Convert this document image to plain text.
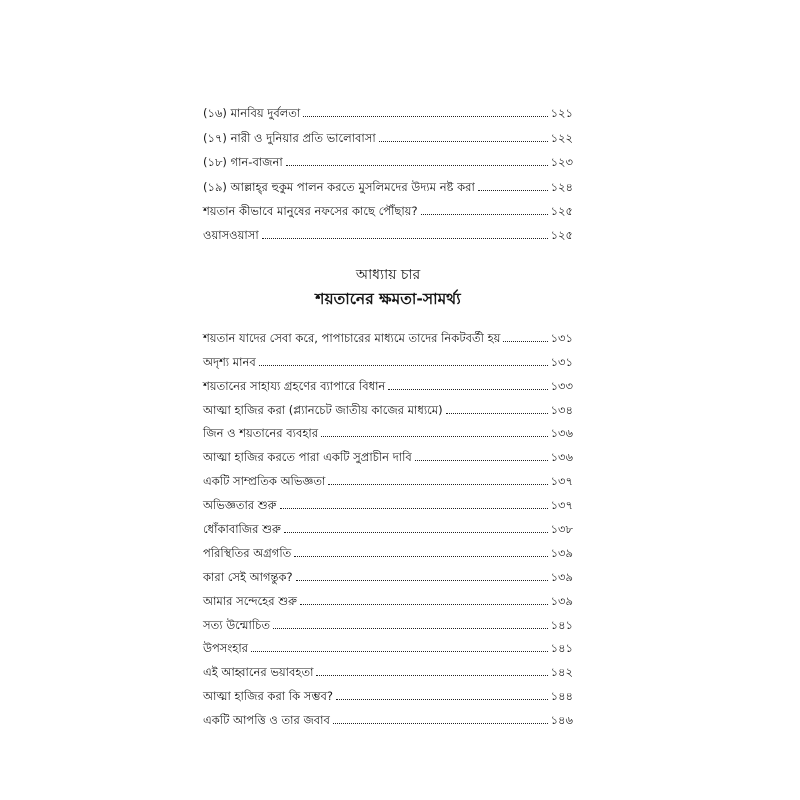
(১৬) মানবিয় দুর্বলতা	১২১
(১৭) নারী ও দুনিয়ার প্রতি ভালোবাসা	১২২
(১৮) গান-বাজনা	১২৩
(১৯) আল্লাহ্‌র হুকুম পালন করতে মুসলিমদের উদ্যম নষ্ট করা	১২৪
শয়তান কীভাবে মানুষের নফসের কাছে পৌঁছায়?	১২৫
ওয়াসওয়াসা	১২৫
আধ্যায় চার
শয়তানের ক্ষমতা-সামর্থ্য
শয়তান যাদের সেবা করে, পাপাচারের মাধ্যমে তাদের নিকটবর্তী হয়	১৩১
অদৃশ্য মানব	১৩১
শয়তানের সাহায্য গ্রহণের ব্যাপারে বিধান	১৩৩
আত্মা হাজির করা (প্ল্যানচেট জাতীয় কাজের মাধ্যমে)	১৩৪
জিন ও শয়তানের ব্যবহার	১৩৬
আত্মা হাজির করতে পারা একটি সুপ্রাচীন দাবি	১৩৬
একটি সাম্প্রতিক অভিজ্ঞতা	১৩৭
অভিজ্ঞতার শুরু	১৩৭
ধোঁকাবাজির শুরু	১৩৮
পরিস্থিতির অগ্রগতি	১৩৯
কারা সেই আগন্তুক?	১৩৯
আমার সন্দেহের শুরু	১৩৯
সত্য উন্মোচিত	১৪১
উপসংহার	১৪১
এই আহ্বানের ভয়াবহতা	১৪২
আত্মা হাজির করা কি সম্ভব?	১৪৪
একটি আপত্তি ও তার জবাব	১৪৬
